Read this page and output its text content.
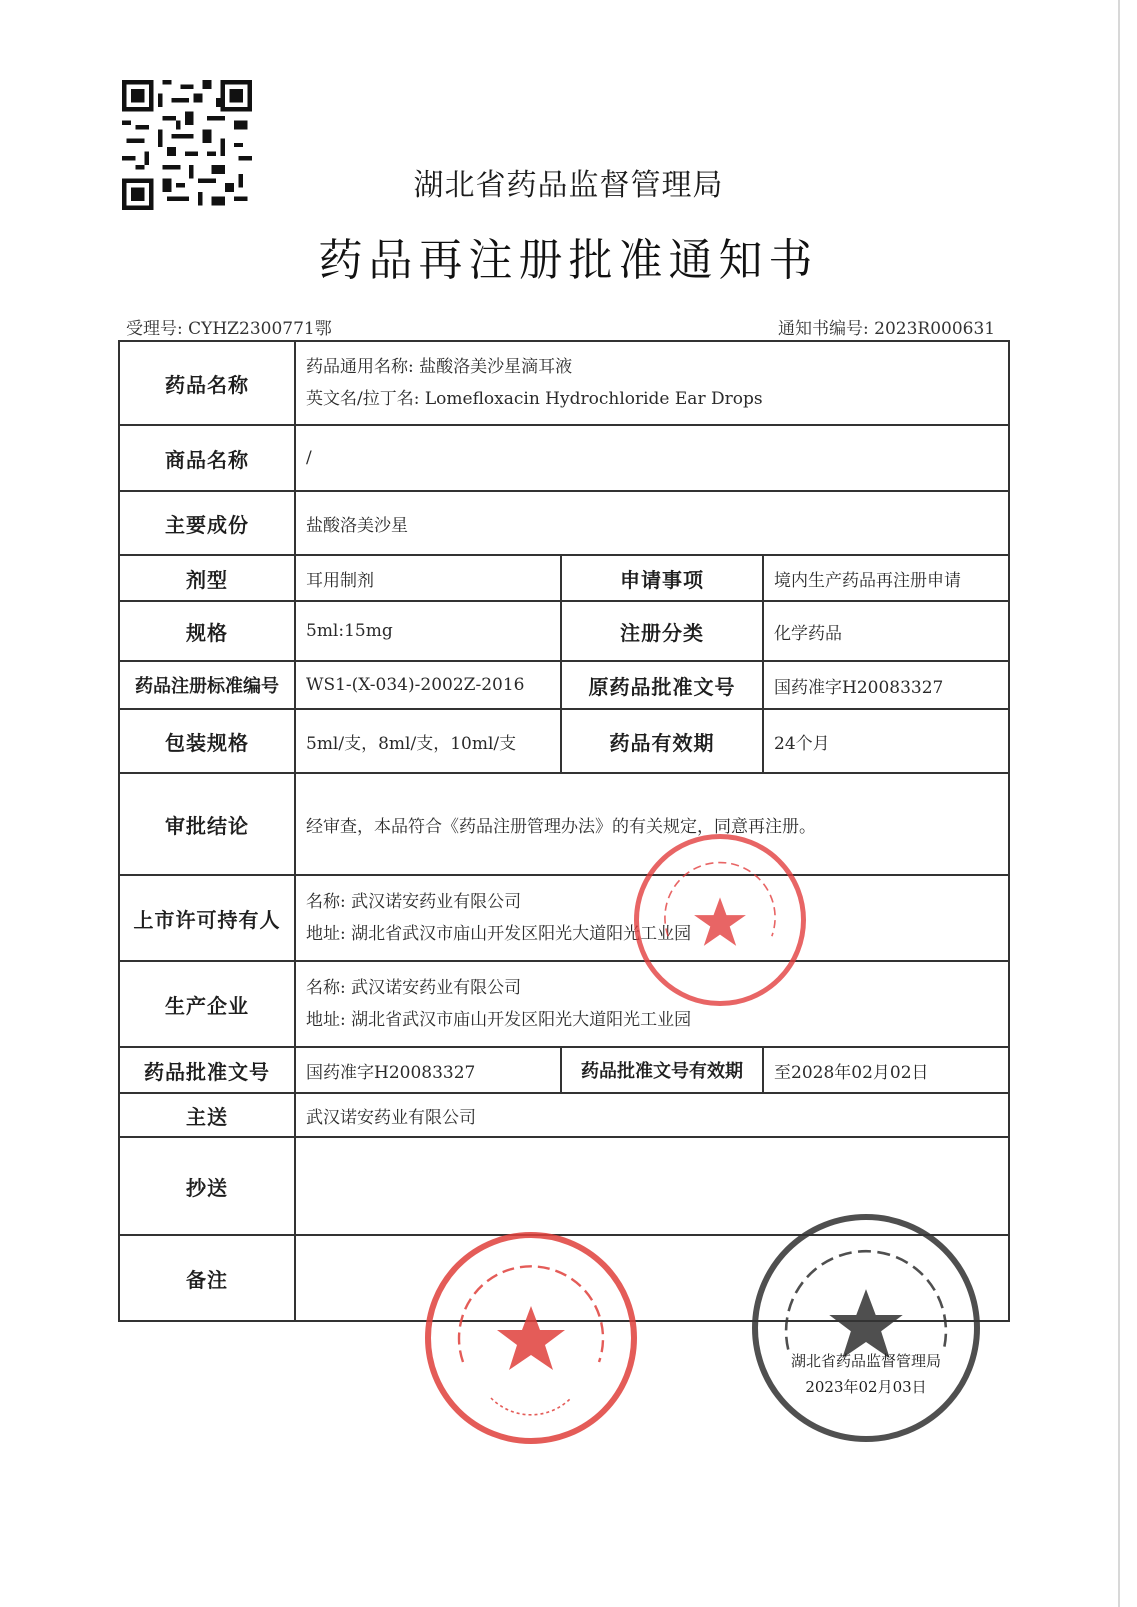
湖北省药品监督管理局
药品再注册批准通知书
受理号: CYHZ2300771鄂	通知书编号: 2023R000631
药品名称	药品通用名称: 盐酸洛美沙星滴耳液
英文名/拉丁名: Lomefloxacin Hydrochloride Ear Drops		

商品名称	/		
主要成份	盐酸洛美沙星		
剂型	耳用制剂	申请事项	境内生产药品再注册申请
规格	5ml:15mg	注册分类	化学药品
药品注册标准编号	WS1-(X-034)-2002Z-2016	原药品批准文号	国药准字H20083327
包装规格	5ml/支，8ml/支，10ml/支	药品有效期	24个月
审批结论	经审查，本品符合《药品注册管理办法》的有关规定，同意再注册。		
上市许可持有人	名称: 武汉诺安药业有限公司
地址: 湖北省武汉市庙山开发区阳光大道阳光工业园		

生产企业	名称: 武汉诺安药业有限公司
地址: 湖北省武汉市庙山开发区阳光大道阳光工业园		

药品批准文号	国药准字H20083327	药品批准文号有效期	至2028年02月02日
主送	武汉诺安药业有限公司		
抄送			
备注			
湖北省药品监督管理局
2023年02月03日
